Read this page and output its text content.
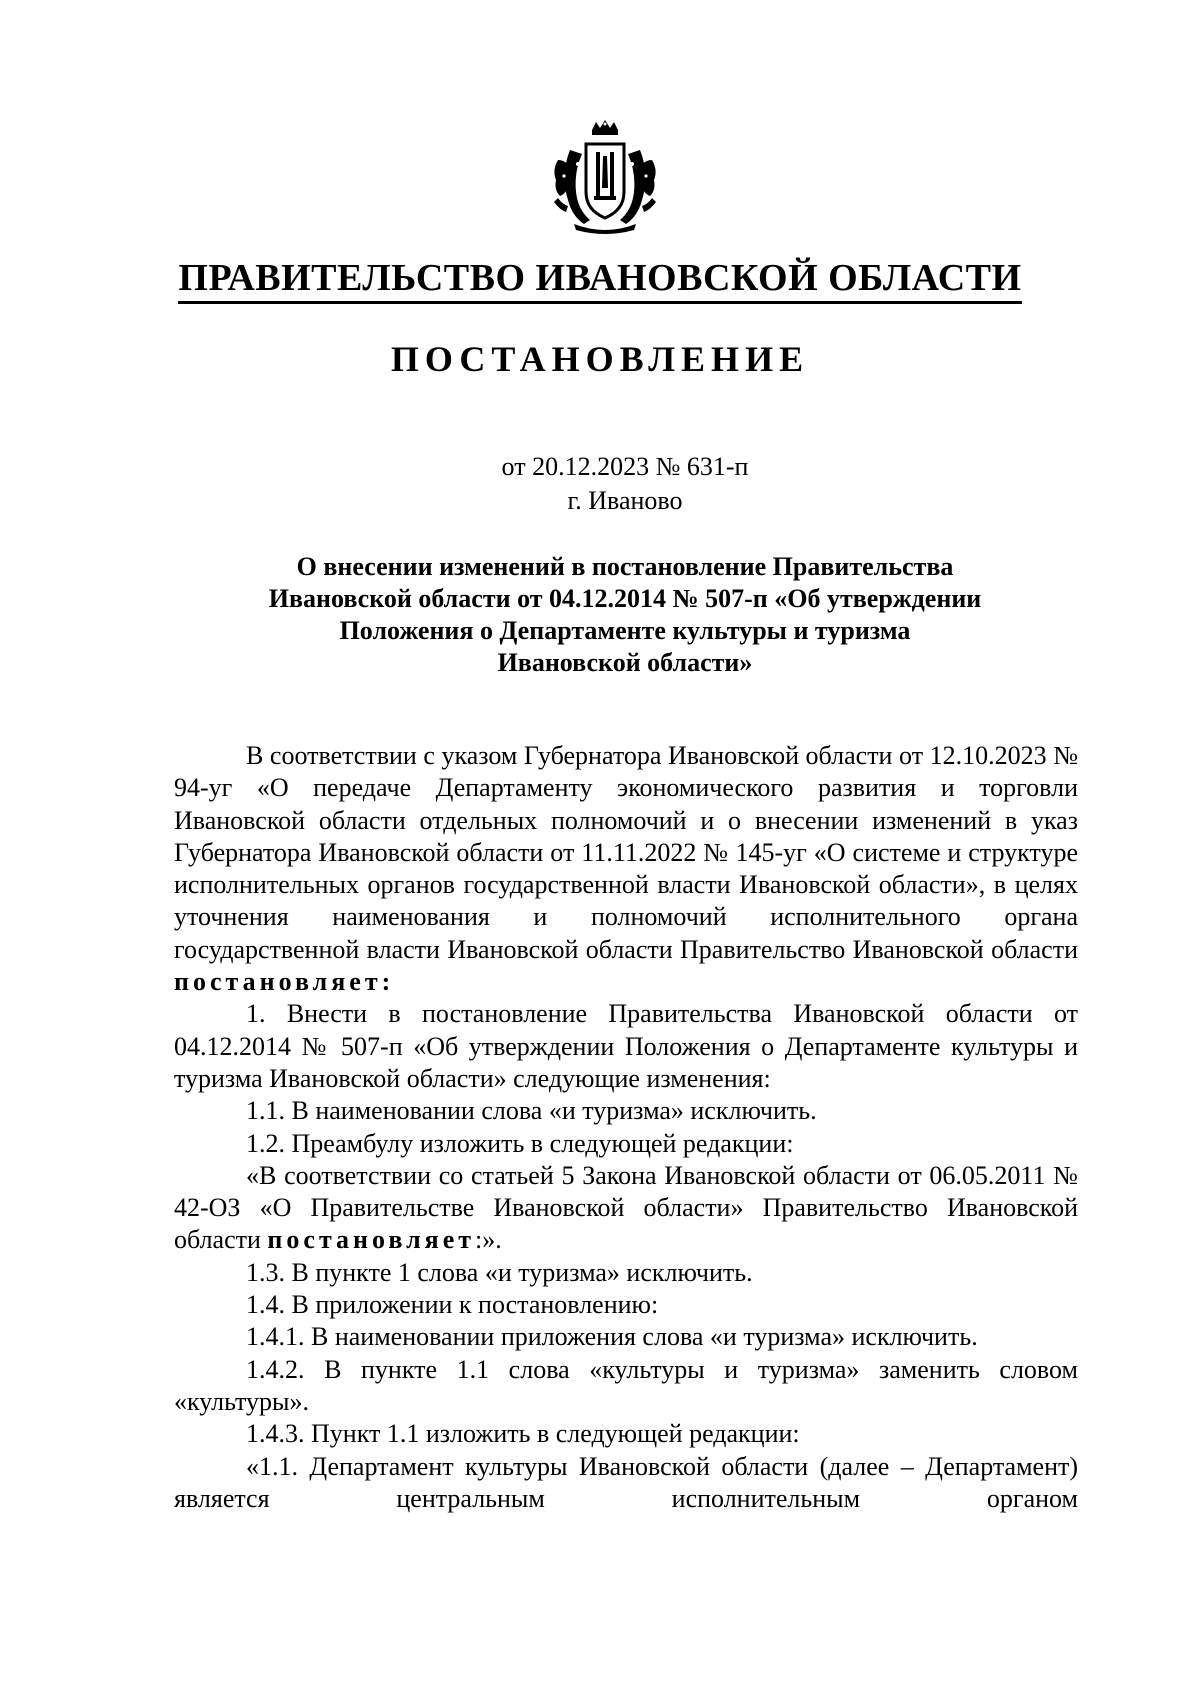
ПРАВИТЕЛЬСТВО ИВАНОВСКОЙ ОБЛАСТИ
ПОСТАНОВЛЕНИЕ
от 20.12.2023 № 631-п
г. Иваново
О внесении изменений в постановление Правительства
Ивановской области от 04.12.2014 № 507-п «Об утверждении
Положения о Департаменте культуры и туризма
Ивановской области»

В соответствии с указом Губернатора Ивановской области от 12.10.2023 № 94-уг «О передаче Департаменту экономического развития и торговли Ивановской области отдельных полномочий и о внесении изменений в указ Губернатора Ивановской области от 11.11.2022 № 145-уг «О системе и структуре исполнительных органов государственной власти Ивановской области», в целях уточнения наименования и полномочий исполнительного органа государственной власти Ивановской области Правительство Ивановской области

постановляет:

1. Внести в постановление Правительства Ивановской области от 04.12.2014 № 507-п «Об утверждении Положения о Департаменте культуры и туризма Ивановской области» следующие изменения:

1.1. В наименовании слова «и туризма» исключить.

1.2. Преамбулу изложить в следующей редакции:

«В соответствии со статьей 5 Закона Ивановской области от 06.05.2011 № 42-ОЗ «О Правительстве Ивановской области» Правительство Ивановской области постановляет:».

1.3. В пункте 1 слова «и туризма» исключить.

1.4. В приложении к постановлению:

1.4.1. В наименовании приложения слова «и туризма» исключить.

1.4.2. В пункте 1.1 слова «культуры и туризма» заменить словом «культуры».

1.4.3. Пункт 1.1 изложить в следующей редакции:

«1.1. Департамент культуры Ивановской области (далее – Департамент) является центральным исполнительным органом
